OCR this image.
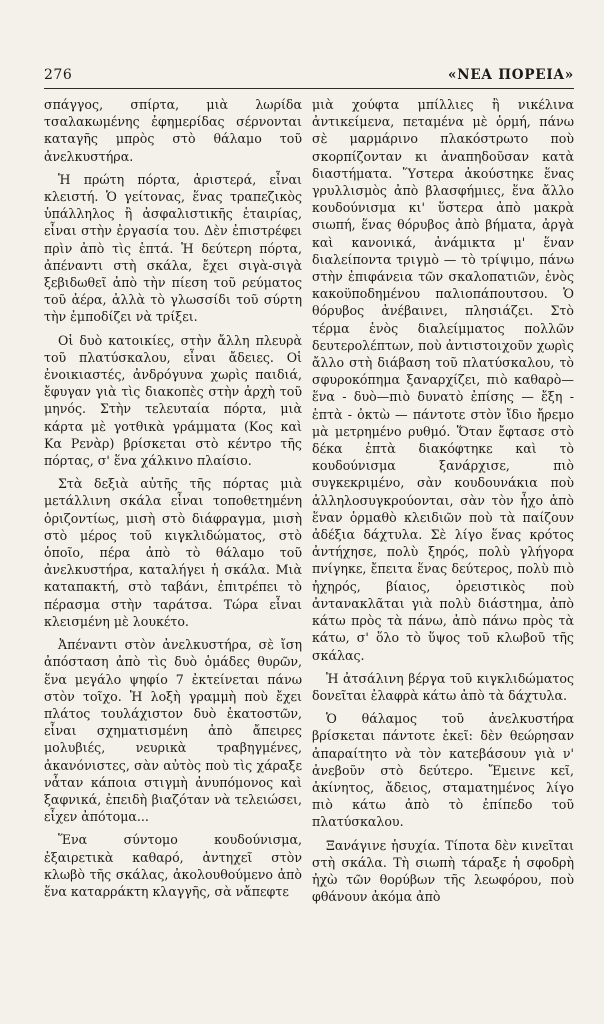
276	«ΝΕΑ ΠΟΡΕΙΑ»

σπάγγος, σπίρτα, μιὰ λωρίδα τσαλακωμένης ἐφημερίδας σέρνονται καταγῆς μπρὸς στὸ θάλαμο τοῦ ἀνελκυστήρα.

Ἡ πρώτη πόρτα, ἀριστερά, εἶναι κλειστή. Ὁ γείτονας, ἕνας τραπεζικὸς ὑπάλληλος ἢ ἀσφαλιστικῆς ἑταιρίας, εἶναι στὴν ἐργασία του. Δὲν ἐπιστρέφει πρὶν ἀπὸ τὶς ἑπτά. Ἡ δεύτερη πόρτα, ἀπέναντι στὴ σκάλα, ἔχει σιγὰ-σιγὰ ξεβιδωθεῖ ἀπὸ τὴν πίεση τοῦ ρεύματος τοῦ ἀέρα, ἀλλὰ τὸ γλωσσίδι τοῦ σύρτη τὴν ἐμποδίζει νὰ τρίξει.

Οἱ δυὸ κατοικίες, στὴν ἄλλη πλευρὰ τοῦ πλατύσκαλου, εἶναι ἄδειες. Οἱ ἐνοικιαστές, ἀνδρόγυνα χωρὶς παιδιά, ἔφυγαν γιὰ τὶς διακοπὲς στὴν ἀρχὴ τοῦ μηνός. Στὴν τελευταία πόρτα, μιὰ κάρτα μὲ γοτθικὰ γράμματα (Κος καὶ Κα Ρενὰρ) βρίσκεται στὸ κέντρο τῆς πόρτας, σ' ἕνα χάλκινο πλαίσιο.

Στὰ δεξιὰ αὐτῆς τῆς πόρτας μιὰ μετάλλινη σκάλα εἶναι τοποθετημένη ὁριζοντίως, μισὴ στὸ διάφραγμα, μισὴ στὸ μέρος τοῦ κιγκλιδώματος, στὸ ὁποῖο, πέρα ἀπὸ τὸ θάλαμο τοῦ ἀνελκυστήρα, καταλήγει ἡ σκάλα. Μιὰ καταπακτή, στὸ ταβάνι, ἐπιτρέπει τὸ πέρασμα στὴν ταράτσα. Τώρα εἶναι κλεισμένη μὲ λουκέτο.

Ἀπέναντι στὸν ἀνελκυστήρα, σὲ ἴση ἀπόσταση ἀπὸ τὶς δυὸ ὁμάδες θυρῶν, ἕνα μεγάλο ψηφίο 7 ἐκτείνεται πάνω στὸν τοῖχο. Ἡ λοξὴ γραμμὴ ποὺ ἔχει πλάτος τουλάχιστον δυὸ ἑκατοστῶν, εἶναι σχηματισμένη ἀπὸ ἄπειρες μολυβιές, νευρικὰ τραβηγμένες, ἀκανόνιστες, σὰν αὐτὸς ποὺ τὶς χάραξε νἆταν κάποια στιγμὴ ἀνυπόμονος καὶ ξαφνικά, ἐπειδὴ βιαζόταν νὰ τελειώσει, εἶχεν ἀπότομα...

Ἕνα σύντομο κουδούνισμα, ἐξαιρετικὰ καθαρό, ἀντηχεῖ στὸν κλωβὸ τῆς σκάλας, ἀκολουθούμενο ἀπὸ ἕνα καταρράκτη κλαγγῆς, σὰ νἄπεφτε

μιὰ χούφτα μπίλλιες ἢ νικέλινα ἀντικείμενα, πεταμένα μὲ ὁρμή, πάνω σὲ μαρμάρινο πλακόστρωτο ποὺ σκορπίζονταν κι ἀναπηδοῦσαν κατὰ διαστήματα. Ὕστερα ἀκούστηκε ἕνας γρυλλισμὸς ἀπὸ βλασφήμιες, ἕνα ἄλλο κουδούνισμα κι' ὕστερα ἀπὸ μακρὰ σιωπή, ἕνας θόρυβος ἀπὸ βήματα, ἀργὰ καὶ κανονικά, ἀνάμικτα μ' ἕναν διαλείποντα τριγμὸ — τὸ τρίψιμο, πάνω στὴν ἐπιφάνεια τῶν σκαλοπατιῶν, ἑνὸς κακοϋποδημένου παλιοπάπουτσου. Ὁ θόρυβος ἀνέβαινει, πλησιάζει. Στὸ τέρμα ἑνὸς διαλείμματος πολλῶν δευτερολέπτων, ποὺ ἀντιστοιχοῦν χωρὶς ἄλλο στὴ διάβαση τοῦ πλατύσκαλου, τὸ σφυροκόπημα ξαναρχίζει, πιὸ καθαρὸ—ἕνα - δυὸ—πιὸ δυνατὸ ἐπίσης — ἔξη - ἑπτὰ - ὀκτὼ — πάντοτε στὸν ἴδιο ἤρεμο μὰ μετρημένο ρυθμό. Ὅταν ἔφτασε στὸ δέκα ἑπτὰ διακόφτηκε καὶ τὸ κουδούνισμα ξανάρχισε, πιὸ συγκεκριμένο, σὰν κουδουνάκια ποὺ ἀλληλοσυγκρούονται, σὰν τὸν ἦχο ἀπὸ ἕναν ὁρμαθὸ κλειδιῶν ποὺ τὰ παίζουν ἀδέξια δάχτυλα. Σὲ λίγο ἕνας κρότος ἀντήχησε, πολὺ ξηρός, πολὺ γλήγορα πνίγηκε, ἔπειτα ἕνας δεύτερος, πολὺ πιὸ ἠχηρός, βίαιος, ὀρειστικὸς ποὺ ἀντανακλᾶται γιὰ πολὺ διάστημα, ἀπὸ κάτω πρὸς τὰ πάνω, ἀπὸ πάνω πρὸς τὰ κάτω, σ' ὅλο τὸ ὕψος τοῦ κλωβοῦ τῆς σκάλας.

Ἡ ἀτσάλινη βέργα τοῦ κιγκλιδώματος δονεῖται ἐλαφρὰ κάτω ἀπὸ τὰ δάχτυλα.

Ὁ θάλαμος τοῦ ἀνελκυστήρα βρίσκεται πάντοτε ἐκεῖ: δὲν θεώρησαν ἀπαραίτητο νὰ τὸν κατεβάσουν γιὰ ν' ἀνεβοῦν στὸ δεύτερο. Ἔμεινε κεῖ, ἀκίνητος, ἄδειος, σταματημένος λίγο πιὸ κάτω ἀπὸ τὸ ἐπίπεδο τοῦ πλατύσκαλου.

Ξανάγινε ἡσυχία. Τίποτα δὲν κινεῖται στὴ σκάλα. Τὴ σιωπὴ τάραξε ἡ σφοδρὴ ἠχὼ τῶν θορύβων τῆς λεωφόρου, ποὺ φθάνουν ἀκόμα ἀπὸ
